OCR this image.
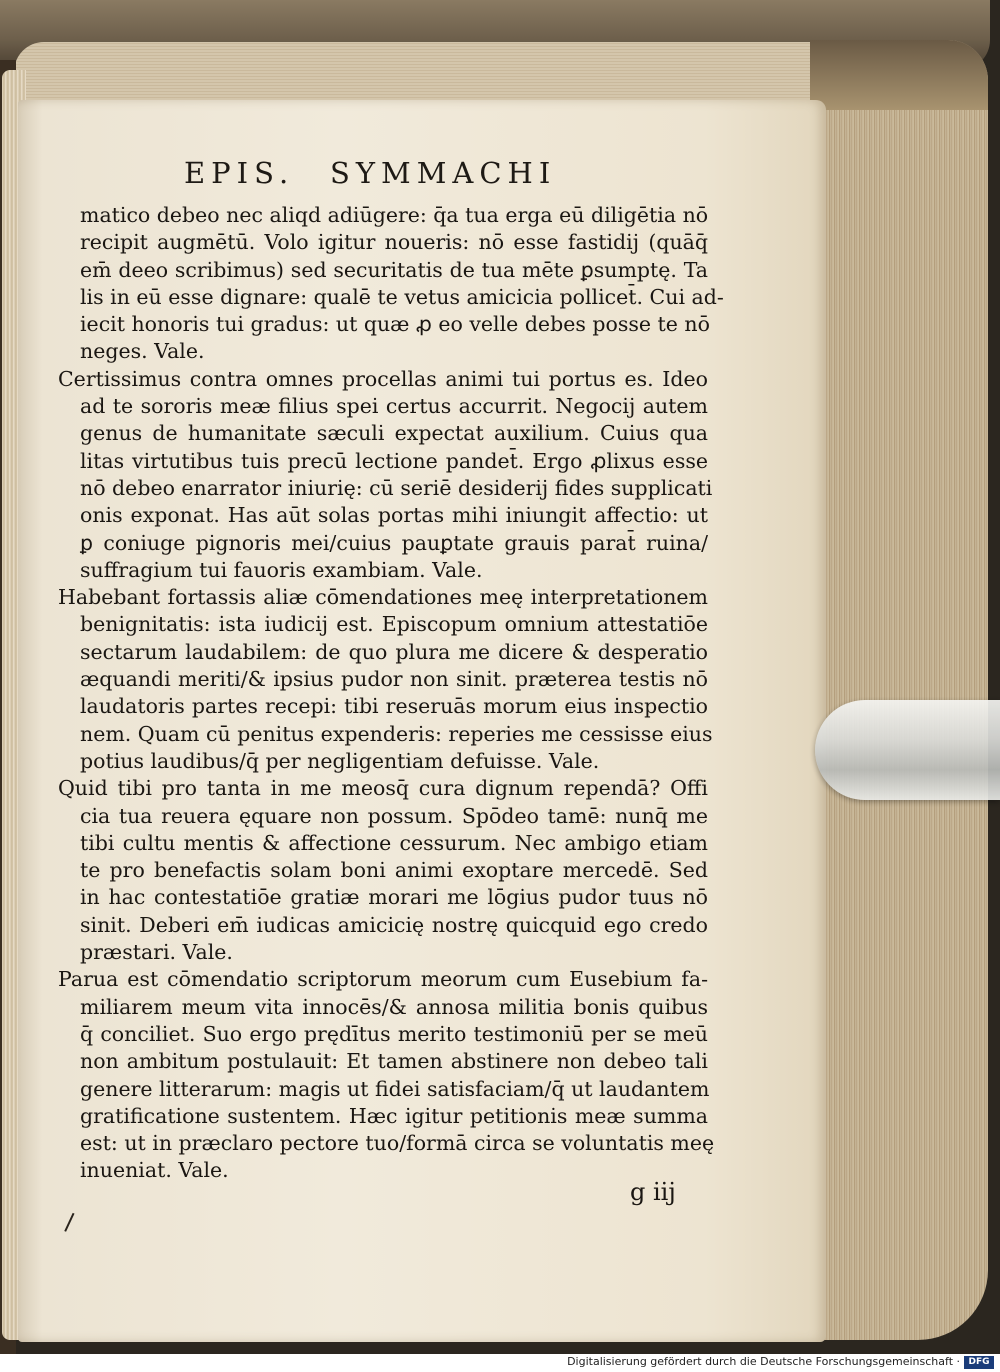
EPIS. SYMMACHI
matico debeo nec aliqd adiūgere: q̄a tua erga eū diligētia nō
recipit augmētū. Volo igitur noueris: nō esse fastidij (quāq̄
em̄ deeo scribimus) sed securitatis de tua mēte ꝑsumptę. Ta
lis in eū esse dignare: qualē te vetus amicicia pollicet̄. Cui ad-
iecit honoris tui gradus: ut quæ ꝓ eo velle debes posse te nō
neges. Vale.
Certissimus contra omnes procellas animi tui portus es. Ideo
ad te sororis meæ filius spei certus accurrit. Negocij autem
genus de humanitate sæculi expectat auxilium. Cuius qua
litas virtutibus tuis precū lectione pandet̄. Ergo ꝓlixus esse
nō debeo enarrator iniurię: cū seriē desiderij fides supplicati
onis exponat. Has aūt solas portas mihi iniungit affectio: ut
ꝑ coniuge pignoris mei/cuius pauꝑtate grauis parat̄ ruina/
suffragium tui fauoris exambiam. Vale.
Habebant fortassis aliæ cōmendationes meę interpretationem
benignitatis: ista iudicij est. Episcopum omnium attestatiōe
sectarum laudabilem: de quo plura me dicere & desperatio
æquandi meriti/& ipsius pudor non sinit. præterea testis nō
laudatoris partes recepi: tibi reseruās morum eius inspectio
nem. Quam cū penitus expenderis: reperies me cessisse eius
potius laudibus/q̄ per negligentiam defuisse. Vale.
Quid tibi pro tanta in me meosq̄ cura dignum rependā? Offi
cia tua reuera ęquare non possum. Spōdeo tamē: nunq̄ me
tibi cultu mentis & affectione cessurum. Nec ambigo etiam
te pro benefactis solam boni animi exoptare mercedē. Sed
in hac contestatiōe gratiæ morari me lōgius pudor tuus nō
sinit. Deberi em̄ iudicas amicicię nostrę quicquid ego credo
præstari. Vale.
Parua est cōmendatio scriptorum meorum cum Eusebium fa-
miliarem meum vita innocēs/& annosa militia bonis quibus
q̄ conciliet. Suo ergo prędītus merito testimoniū per se meū
non ambitum postulauit: Et tamen abstinere non debeo tali
genere litterarum: magis ut fidei satisfaciam/q̄ ut laudantem
gratificatione sustentem. Hæc igitur petitionis meæ summa
est: ut in præclaro pectore tuo/formā circa se voluntatis meę
inueniat. Vale.
g iij
Digitalisierung gefördert durch die Deutsche Forschungsgemeinschaft · DFG
